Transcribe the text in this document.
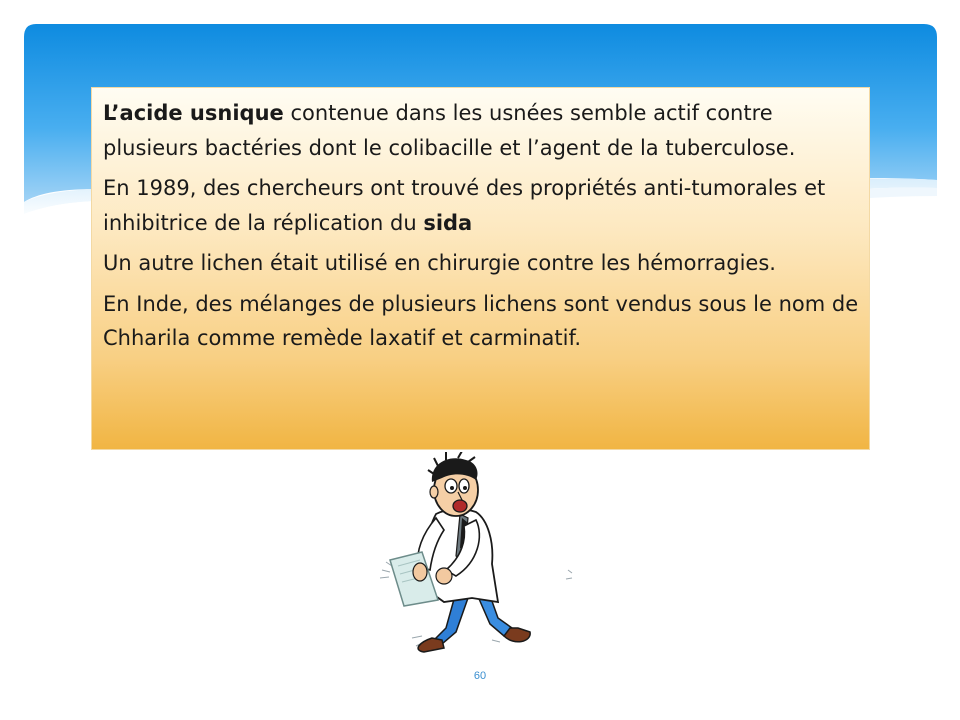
L’acide usnique contenue dans les usnées semble actif contre plusieurs bactéries dont le colibacille et l’agent de la tuberculose.

En 1989, des chercheurs ont trouvé des propriétés anti-tumorales et inhibitrice de la réplication du sida

Un autre lichen était utilisé en chirurgie contre les hémorragies.

En Inde, des mélanges de plusieurs lichens sont vendus sous le nom de Chharila comme remède laxatif et carminatif.

60
